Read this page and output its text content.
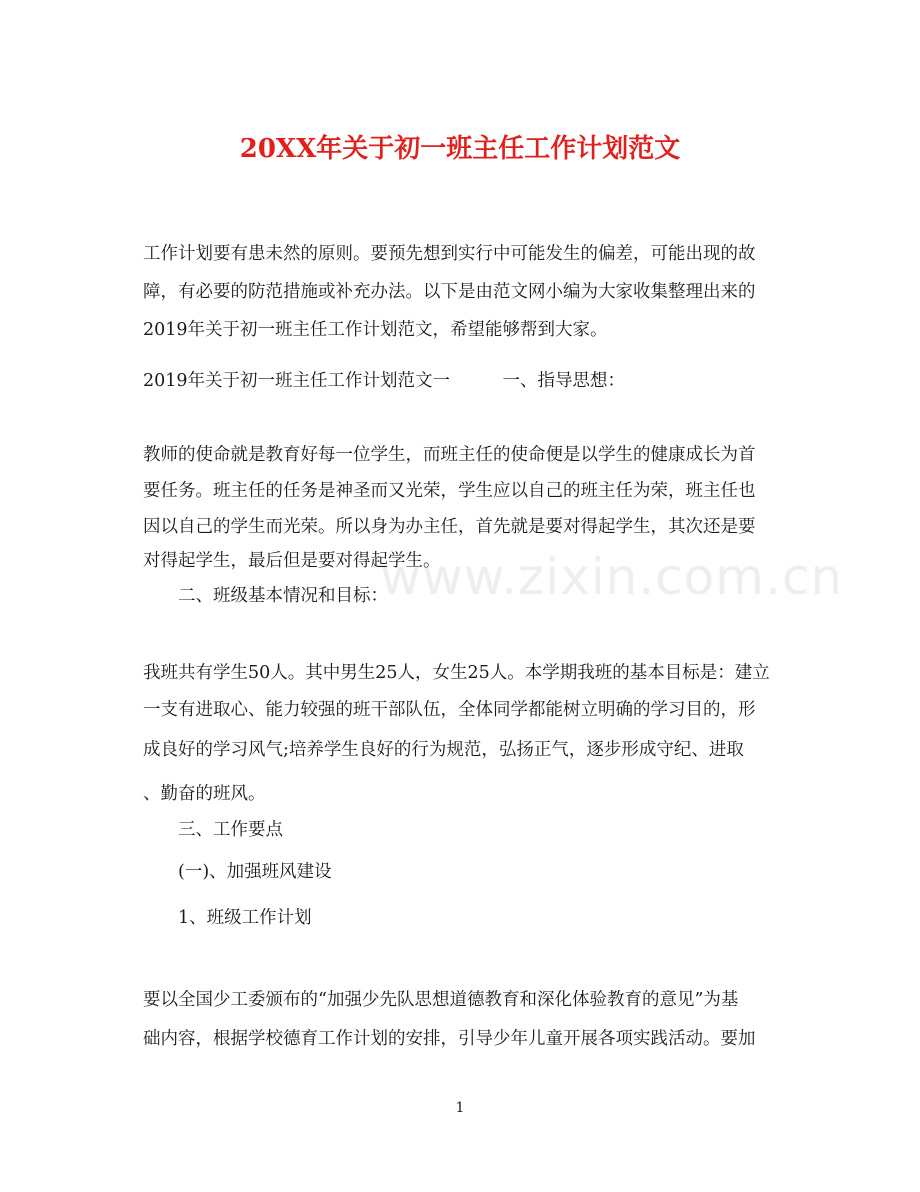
20XX年关于初一班主任工作计划范文
工作计划要有患未然的原则。要预先想到实行中可能发生的偏差，可能出现的故
障，有必要的防范措施或补充办法。以下是由范文网小编为大家收集整理出来的
2019年关于初一班主任工作计划范文，希望能够帮到大家。
2019年关于初一班主任工作计划范文一　　　一、指导思想：
教师的使命就是教育好每一位学生，而班主任的使命便是以学生的健康成长为首
要任务。班主任的任务是神圣而又光荣，学生应以自己的班主任为荣，班主任也
因以自己的学生而光荣。所以身为办主任，首先就是要对得起学生，其次还是要
对得起学生，最后但是要对得起学生。
二、班级基本情况和目标：
我班共有学生50人。其中男生25人，女生25人。本学期我班的基本目标是：建立
一支有进取心、能力较强的班干部队伍，全体同学都能树立明确的学习目的，形
成良好的学习风气;培养学生良好的行为规范，弘扬正气，逐步形成守纪、进取
、勤奋的班风。
三、工作要点
(一)、加强班风建设
1、班级工作计划
要以全国少工委颁布的“加强少先队思想道德教育和深化体验教育的意见”为基
础内容，根据学校德育工作计划的安排，引导少年儿童开展各项实践活动。要加
www.zixin.com.cn
1
